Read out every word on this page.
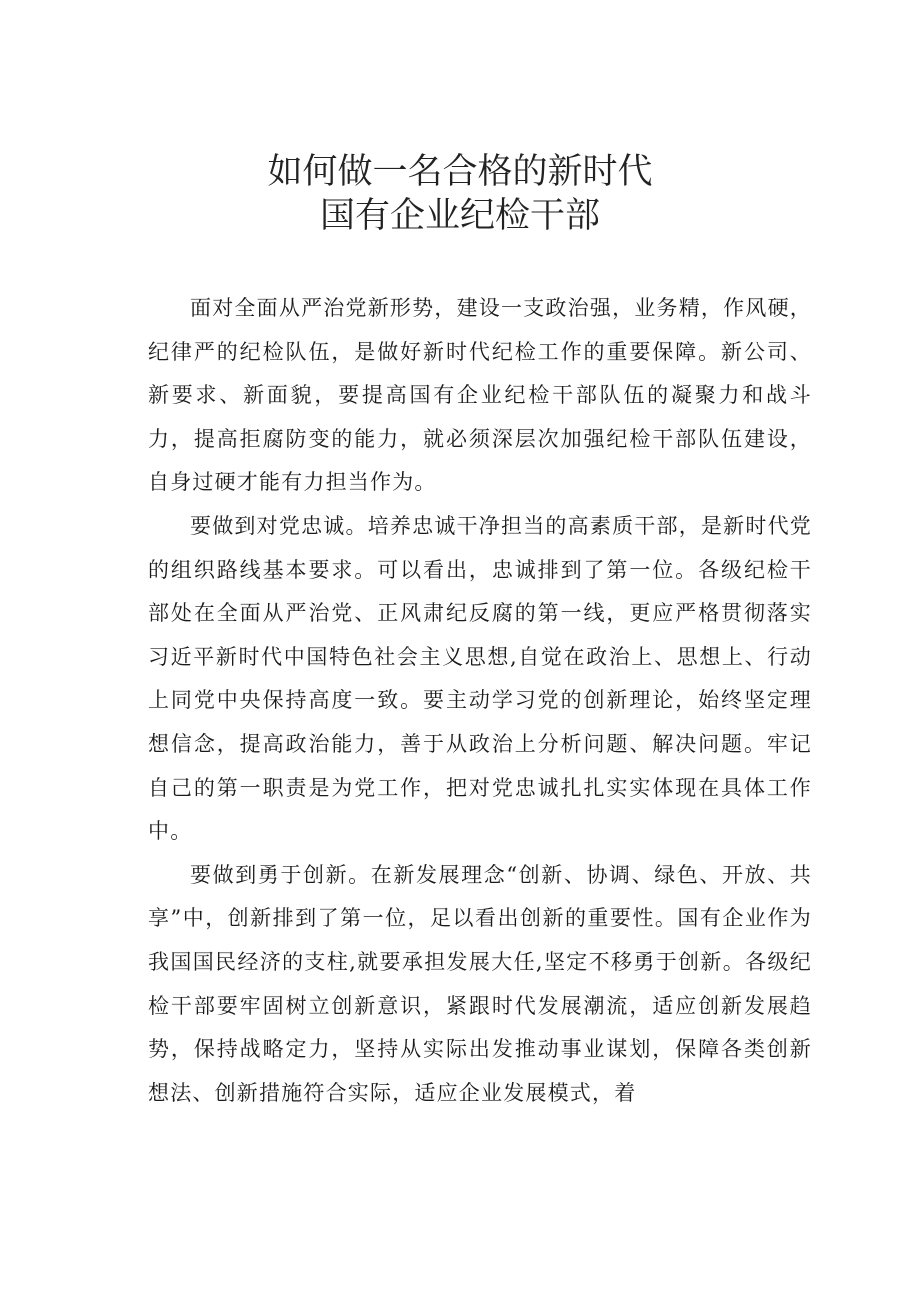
如何做一名合格的新时代
国有企业纪检干部

面对全面从严治党新形势，建设一支政治强，业务精，作风硬，纪律严的纪检队伍，是做好新时代纪检工作的重要保障。新公司、新要求、新面貌，要提高国有企业纪检干部队伍的凝聚力和战斗力，提高拒腐防变的能力，就必须深层次加强纪检干部队伍建设，自身过硬才能有力担当作为。

要做到对党忠诚。培养忠诚干净担当的高素质干部，是新时代党的组织路线基本要求。可以看出，忠诚排到了第一位。各级纪检干部处在全面从严治党、正风肃纪反腐的第一线，更应严格贯彻落实习近平新时代中国特色社会主义思想,自觉在政治上、思想上、行动上同党中央保持高度一致。要主动学习党的创新理论，始终坚定理想信念，提高政治能力，善于从政治上分析问题、解决问题。牢记自己的第一职责是为党工作，把对党忠诚扎扎实实体现在具体工作中。

要做到勇于创新。在新发展理念“创新、协调、绿色、开放、共享”中，创新排到了第一位，足以看出创新的重要性。国有企业作为我国国民经济的支柱,就要承担发展大任,坚定不移勇于创新。各级纪检干部要牢固树立创新意识，紧跟时代发展潮流，适应创新发展趋势，保持战略定力，坚持从实际出发推动事业谋划，保障各类创新想法、创新措施符合实际，适应企业发展模式，着
